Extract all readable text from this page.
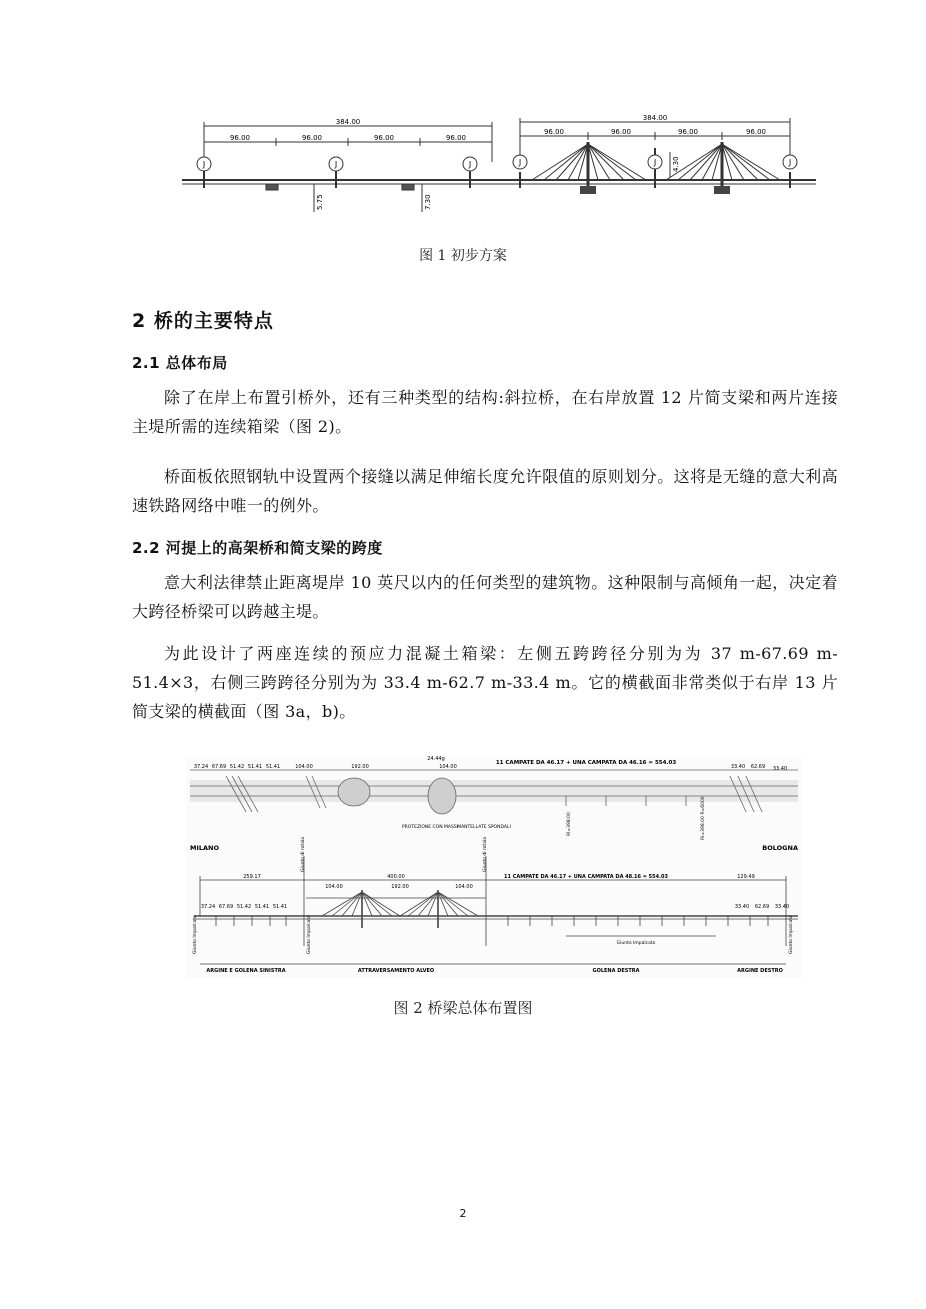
J	J	J
384.00
96.00	96.00	96.00	96.00
5.75	7.30
J	J	J
384.00
96.00	96.00	96.00	96.00
4.30
图 1 初步方案
2 桥的主要特点
2.1 总体布局

除了在岸上布置引桥外，还有三种类型的结构:斜拉桥，在右岸放置 12 片简支梁和两片连接主堤所需的连续箱梁（图 2)。

桥面板依照钢轨中设置两个接缝以满足伸缩长度允许限值的原则划分。这将是无缝的意大利高速铁路网络中唯一的例外。

2.2 河提上的高架桥和简支梁的跨度

意大利法律禁止距离堤岸 10 英尺以内的任何类型的建筑物。这种限制与高倾角一起，决定着大跨径桥梁可以跨越主堤。

为此设计了两座连续的预应力混凝土箱梁：左侧五跨跨径分别为为 37 m-67.69 m-51.4×3，右侧三跨跨径分别为为 33.4 m-62.7 m-33.4 m。它的横截面非常类似于右岸 13 片简支梁的横截面（图 3a，b)。

37.24 67.69 51.42 51.41 51.41	104.00	192.00
24.44g
104.00
11 CAMPATE DA 46.17 + UNA CAMPATA DA 46.16 = 554.03
33.40 62.69 33.40
PROTEZIONE CON MASSI MANTELLATE SPONDALI	Rl=398.00	Rl=398.00 R=6000
MILANO	BOLOGNA
Giunto di rotaia	Giunto di rotaia
259.17	400.00	11 CAMPATE DA 46.17 + UNA CAMPATA DA 48.16 = 554.03	129.49
104.00	192.00	104.00
37.24 67.69 51.42 51.41 51.41	33.40 62.69 33.40
Giunto Impalcato	Giunto Impalcato	Giunto Impalcato	Giunto Impalcato
ARGINE E GOLENA SINISTRA	ATTRAVERSAMENTO ALVEO	GOLENA DESTRA	ARGINE DESTRO
图 2 桥梁总体布置图
2
